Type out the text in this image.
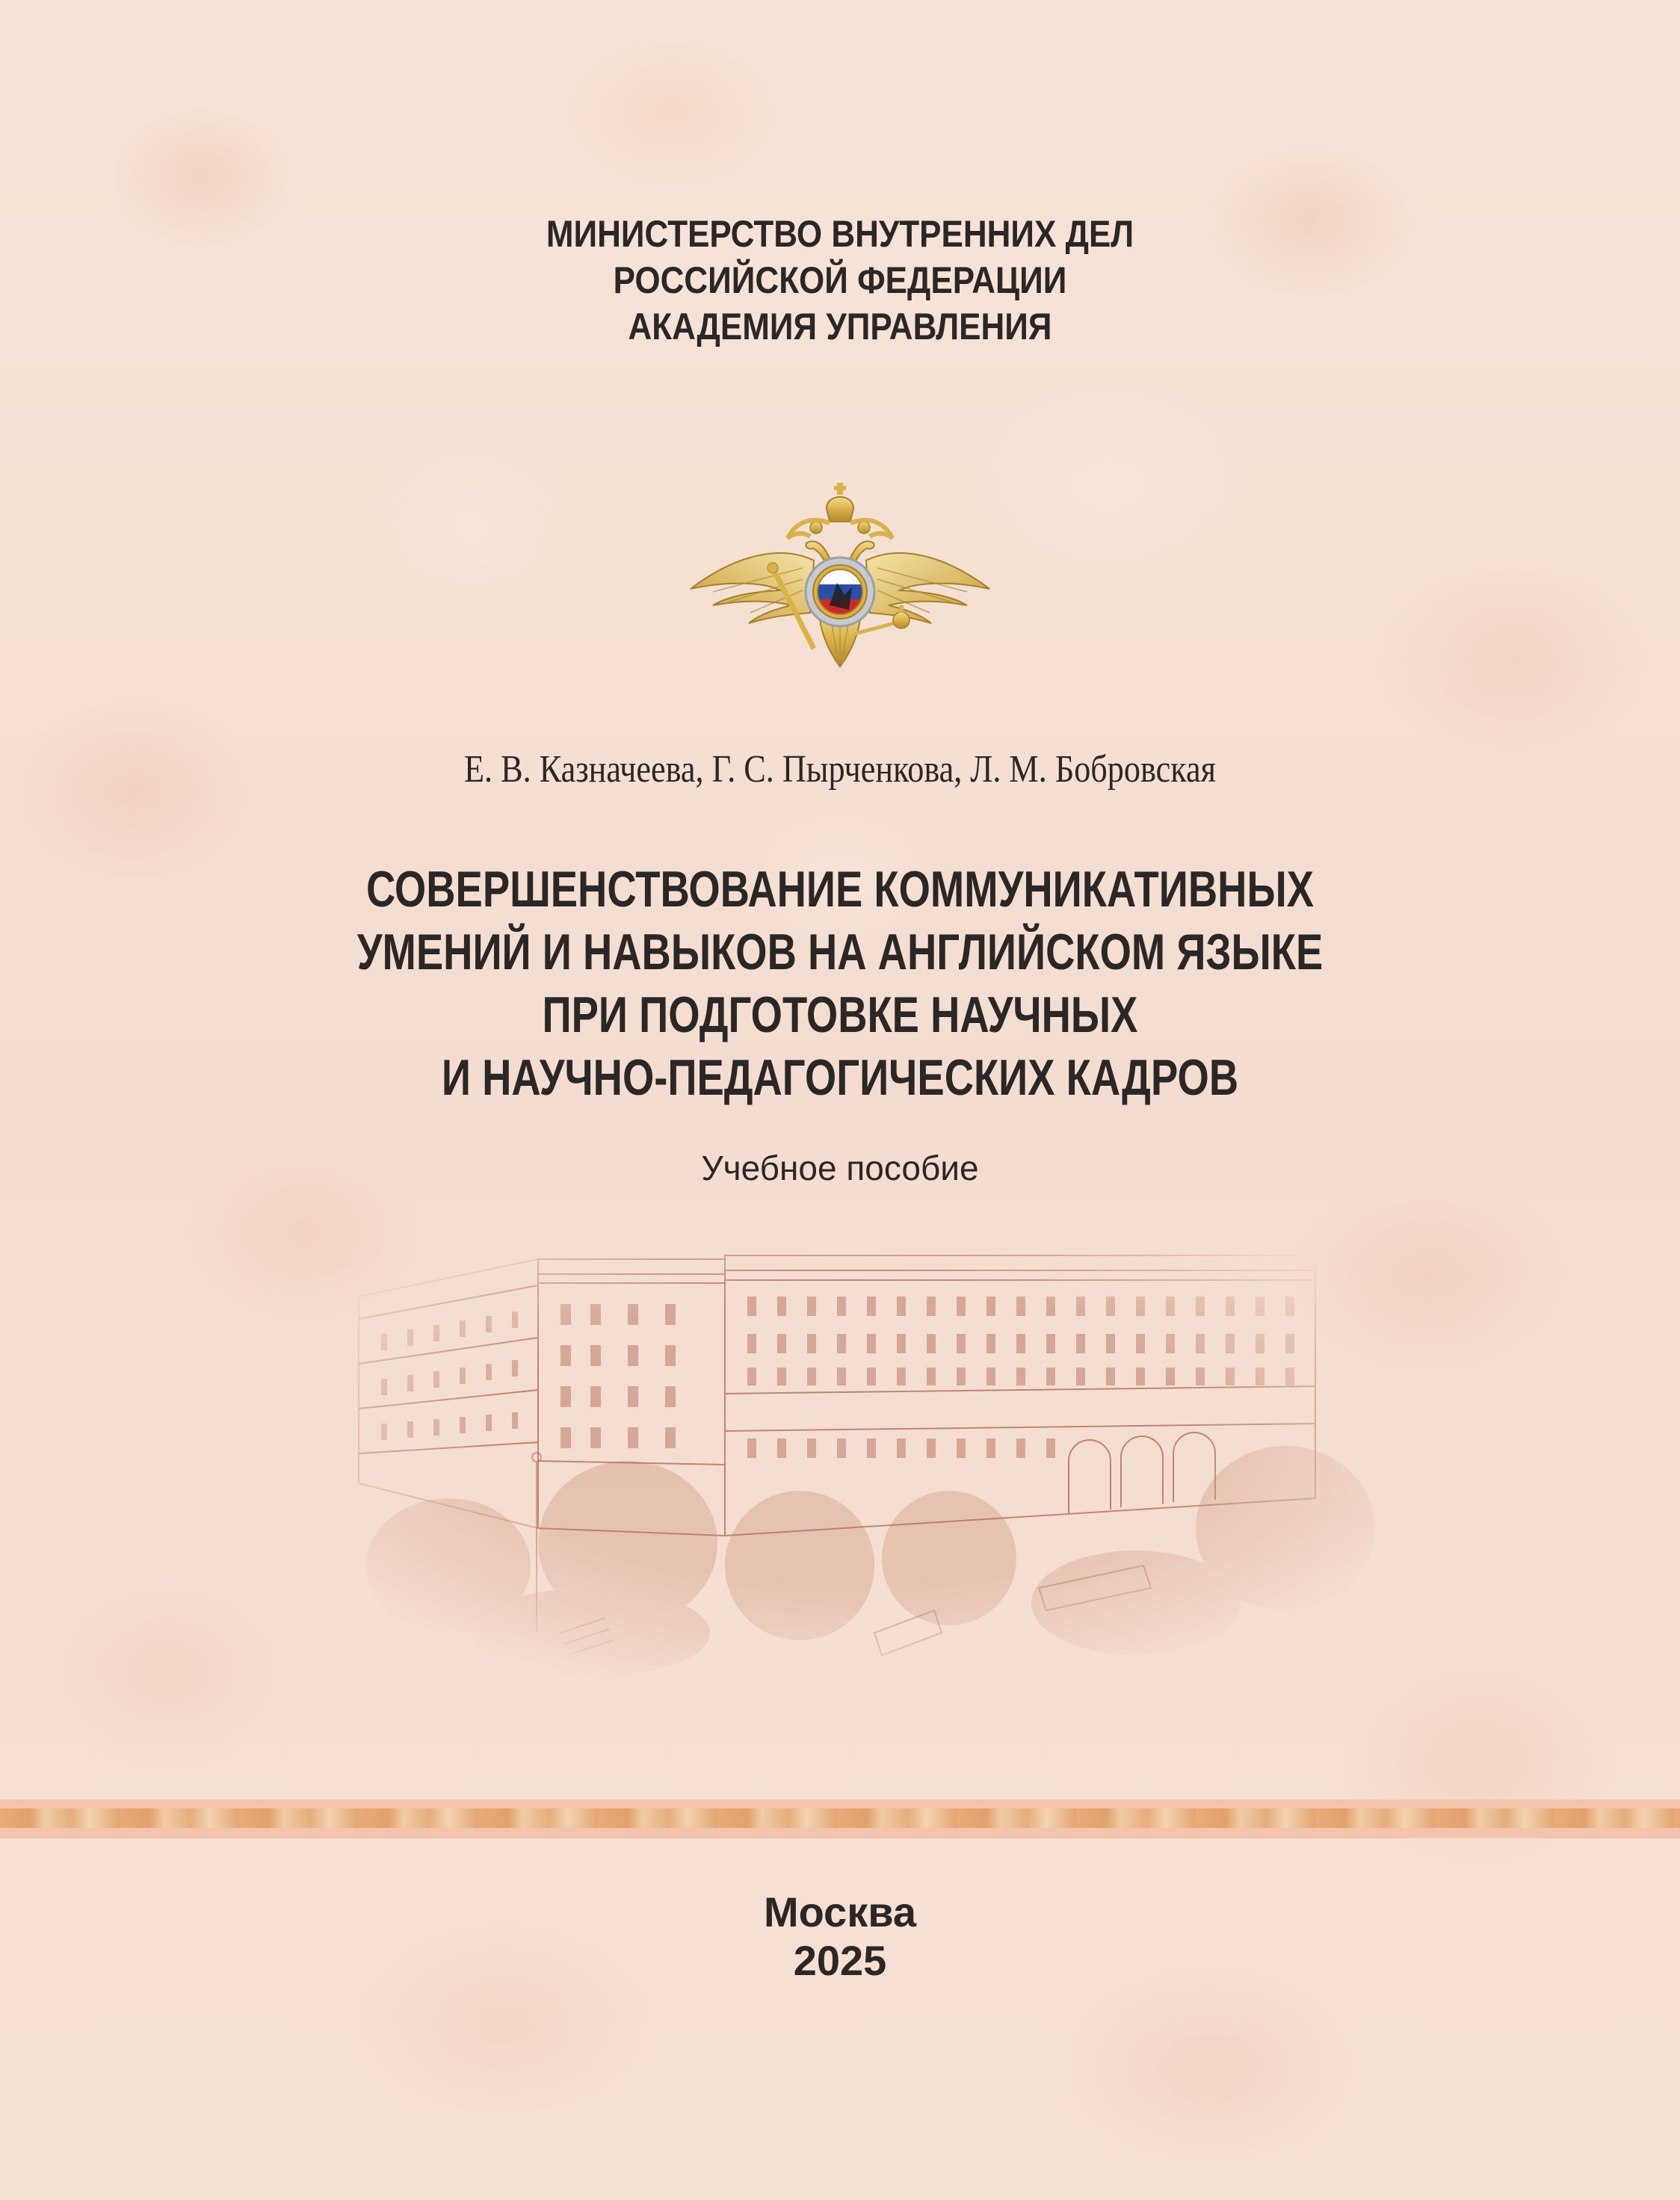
МИНИСТЕРСТВО ВНУТРЕННИХ ДЕЛ
РОССИЙСКОЙ ФЕДЕРАЦИИ
АКАДЕМИЯ УПРАВЛЕНИЯ
Е. В. Казначеева, Г. С. Пырченкова, Л. М. Бобровская
СОВЕРШЕНСТВОВАНИЕ КОММУНИКАТИВНЫХ
УМЕНИЙ И НАВЫКОВ НА АНГЛИЙСКОМ ЯЗЫКЕ
ПРИ ПОДГОТОВКЕ НАУЧНЫХ
И НАУЧНО-ПЕДАГОГИЧЕСКИХ КАДРОВ
Учебное пособие
Москва
2025
